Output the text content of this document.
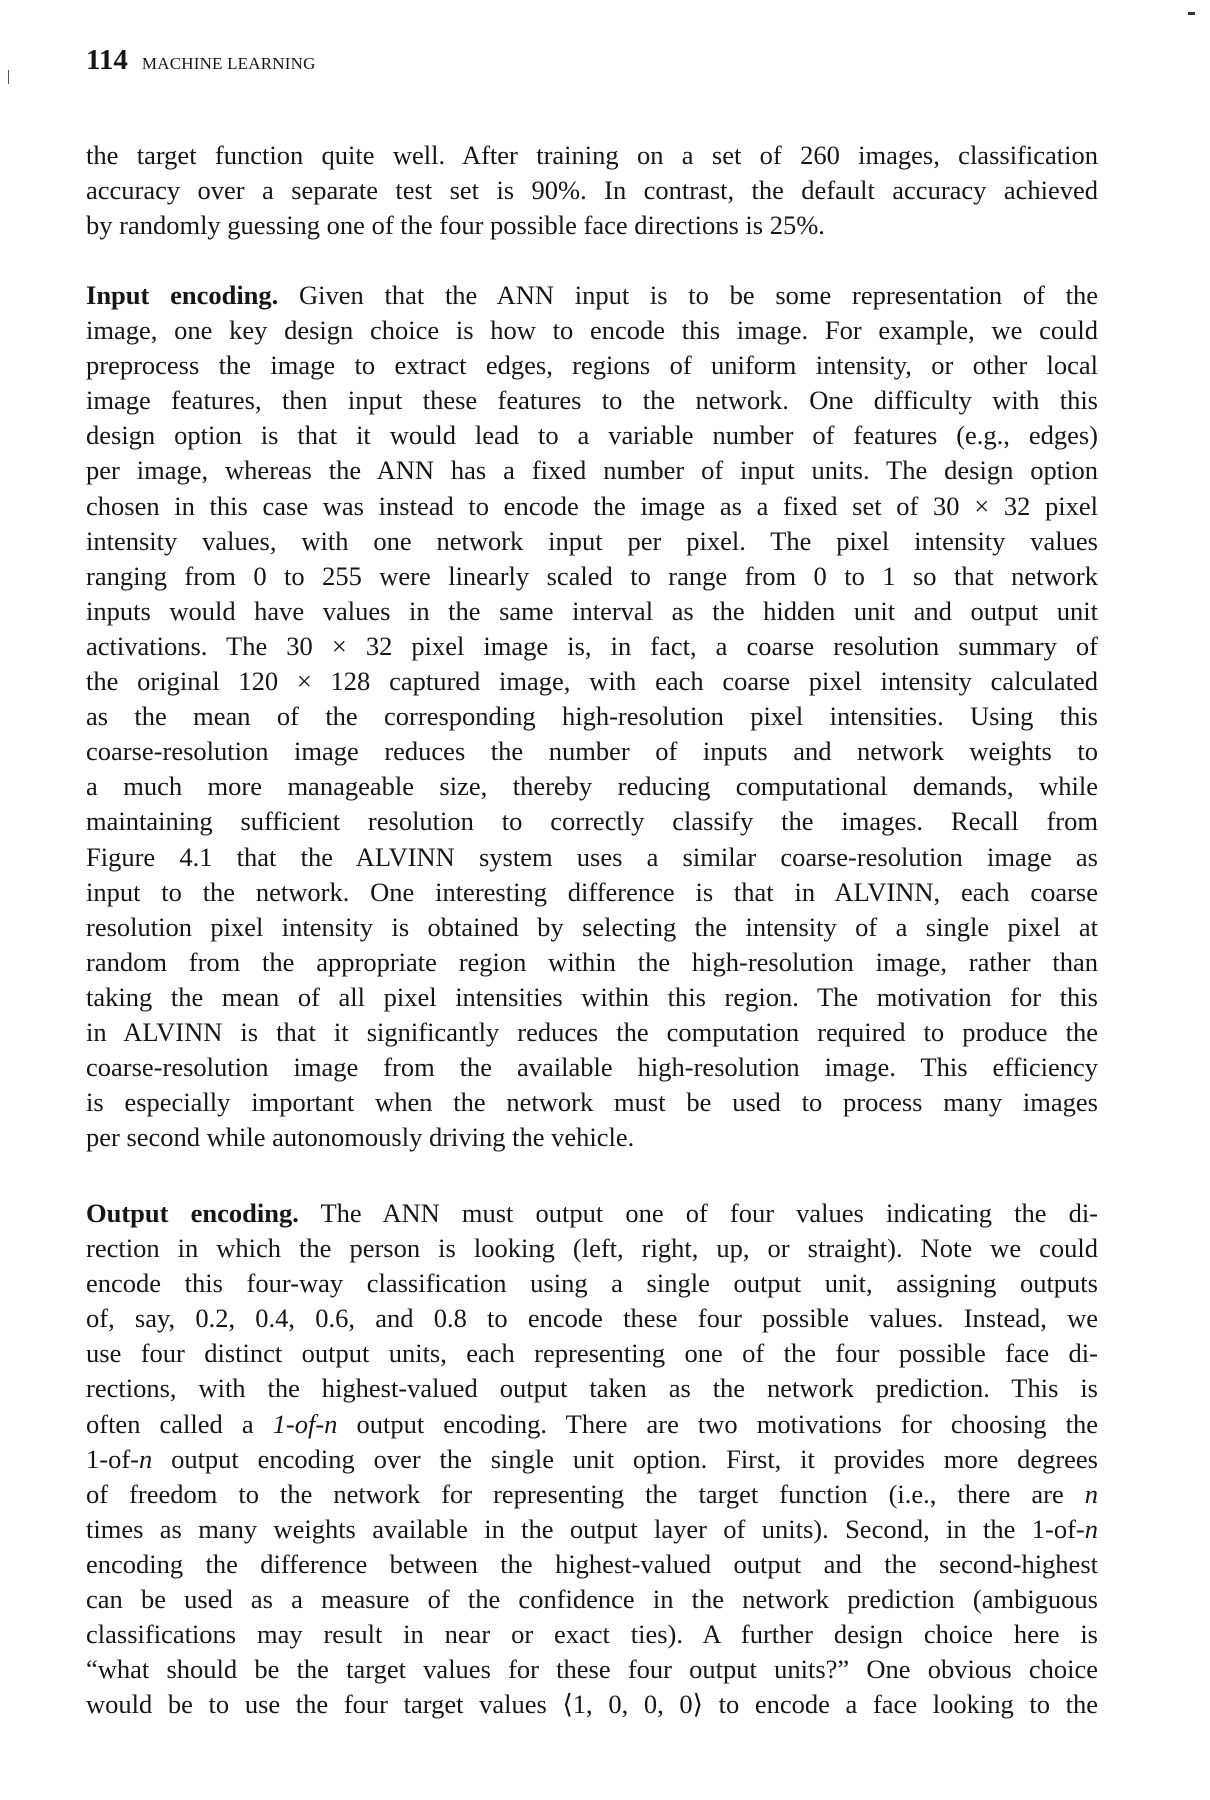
114 MACHINE LEARNING
the target function quite well. After training on a set of 260 images, classification
accuracy over a separate test set is 90%. In contrast, the default accuracy achieved
by randomly guessing one of the four possible face directions is 25%.
Input encoding. Given that the ANN input is to be some representation of the
image, one key design choice is how to encode this image. For example, we could
preprocess the image to extract edges, regions of uniform intensity, or other local
image features, then input these features to the network. One difficulty with this
design option is that it would lead to a variable number of features (e.g., edges)
per image, whereas the ANN has a fixed number of input units. The design option
chosen in this case was instead to encode the image as a fixed set of 30 × 32 pixel
intensity values, with one network input per pixel. The pixel intensity values
ranging from 0 to 255 were linearly scaled to range from 0 to 1 so that network
inputs would have values in the same interval as the hidden unit and output unit
activations. The 30 × 32 pixel image is, in fact, a coarse resolution summary of
the original 120 × 128 captured image, with each coarse pixel intensity calculated
as the mean of the corresponding high-resolution pixel intensities. Using this
coarse-resolution image reduces the number of inputs and network weights to
a much more manageable size, thereby reducing computational demands, while
maintaining sufficient resolution to correctly classify the images. Recall from
Figure 4.1 that the ALVINN system uses a similar coarse-resolution image as
input to the network. One interesting difference is that in ALVINN, each coarse
resolution pixel intensity is obtained by selecting the intensity of a single pixel at
random from the appropriate region within the high-resolution image, rather than
taking the mean of all pixel intensities within this region. The motivation for this
in ALVINN is that it significantly reduces the computation required to produce the
coarse-resolution image from the available high-resolution image. This efficiency
is especially important when the network must be used to process many images
per second while autonomously driving the vehicle.
Output encoding. The ANN must output one of four values indicating the di-
rection in which the person is looking (left, right, up, or straight). Note we could
encode this four-way classification using a single output unit, assigning outputs
of, say, 0.2, 0.4, 0.6, and 0.8 to encode these four possible values. Instead, we
use four distinct output units, each representing one of the four possible face di-
rections, with the highest-valued output taken as the network prediction. This is
often called a 1-of-n output encoding. There are two motivations for choosing the
1-of-n output encoding over the single unit option. First, it provides more degrees
of freedom to the network for representing the target function (i.e., there are n
times as many weights available in the output layer of units). Second, in the 1-of-n
encoding the difference between the highest-valued output and the second-highest
can be used as a measure of the confidence in the network prediction (ambiguous
classifications may result in near or exact ties). A further design choice here is
“what should be the target values for these four output units?” One obvious choice
would be to use the four target values ⟨1, 0, 0, 0⟩ to encode a face looking to the
